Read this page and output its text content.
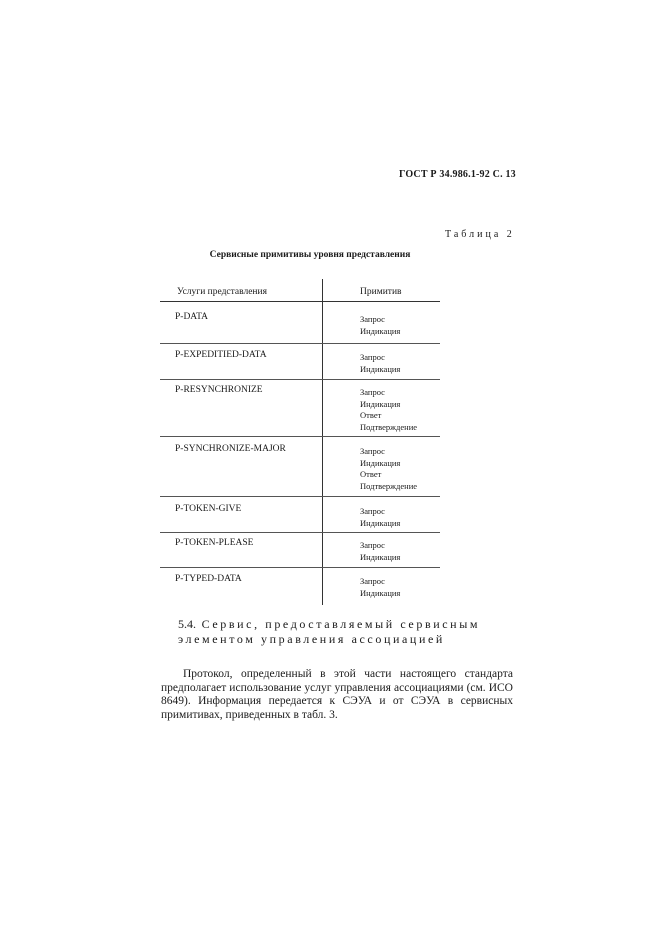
ГОСТ Р 34.986.1-92 С. 13
Таблица 2
Сервисные примитивы уровня представления
Услуги представления	Примитив
P-DATA	Запрос
Индикация
P-EXPEDITIED-DATA	Запрос
Индикация
P-RESYNCHRONIZE	Запрос
Индикация
Ответ
Подтверждение
P-SYNCHRONIZE-MAJOR	Запрос
Индикация
Ответ
Подтверждение
P-TOKEN-GIVE	Запрос
Индикация
P-TOKEN-PLEASE	Запрос
Индикация
P-TYPED-DATA	Запрос
Индикация
5.4. Сервис, предоставляемый сервисным элементом управления ассоциацией
Протокол, определенный в этой части настоящего стандарта предполагает использование услуг управления ассоциациями (см. ИСО 8649). Информация передается к СЭУА и от СЭУА в сервисных примитивах, приведенных в табл. 3.
